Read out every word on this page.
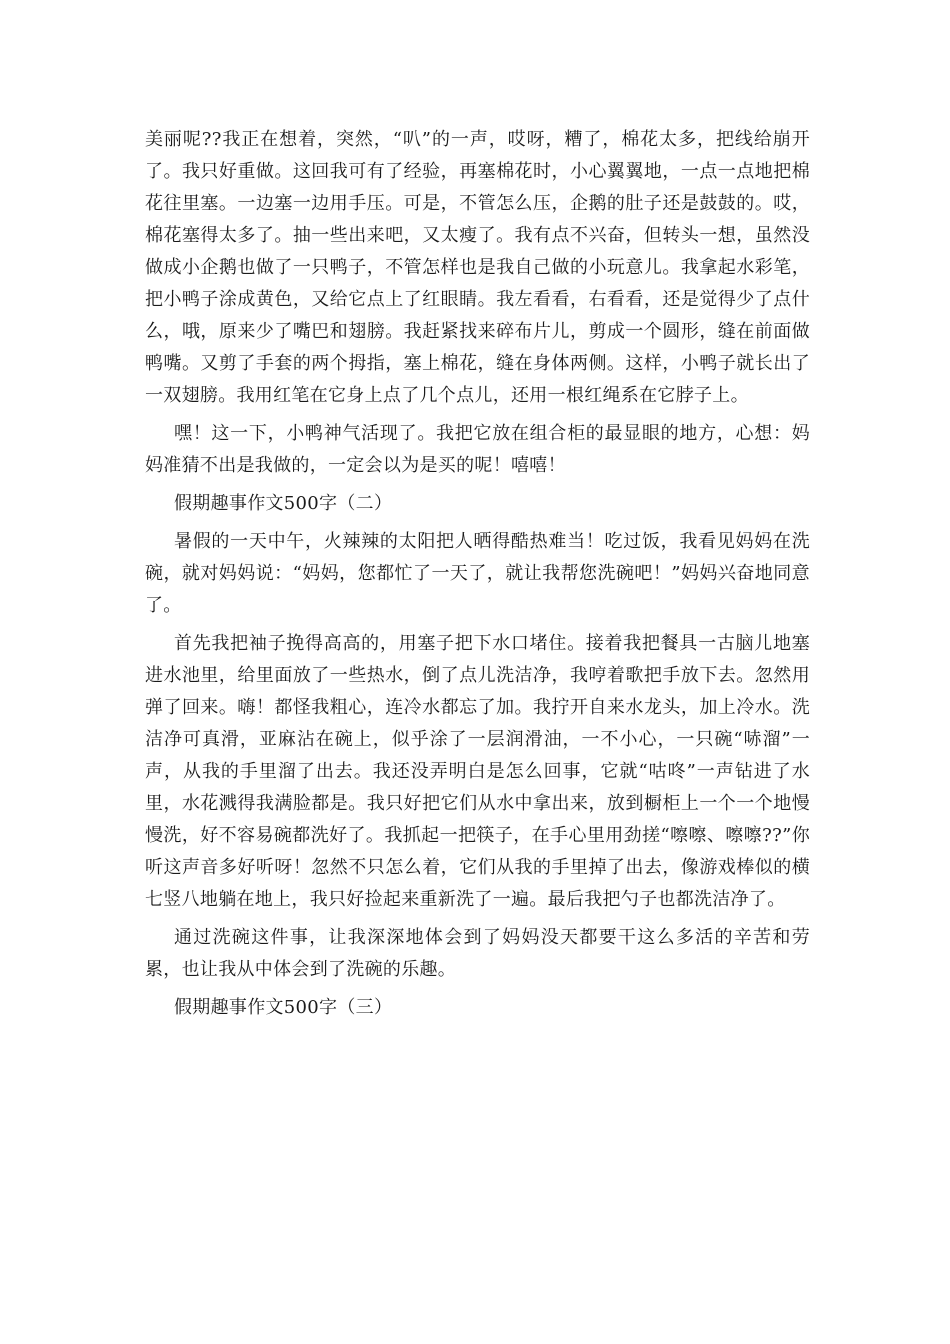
美丽呢??我正在想着，突然，“叭”的一声，哎呀，糟了，棉花太多，把线给崩开了。我只好重做。这回我可有了经验，再塞棉花时，小心翼翼地，一点一点地把棉花往里塞。一边塞一边用手压。可是，不管怎么压，企鹅的肚子还是鼓鼓的。哎，棉花塞得太多了。抽一些出来吧，又太瘦了。我有点不兴奋，但转头一想，虽然没做成小企鹅也做了一只鸭子，不管怎样也是我自己做的小玩意儿。我拿起水彩笔，把小鸭子涂成黄色，又给它点上了红眼睛。我左看看，右看看，还是觉得少了点什么，哦，原来少了嘴巴和翅膀。我赶紧找来碎布片儿，剪成一个圆形，缝在前面做鸭嘴。又剪了手套的两个拇指，塞上棉花，缝在身体两侧。这样，小鸭子就长出了一双翅膀。我用红笔在它身上点了几个点儿，还用一根红绳系在它脖子上。

嘿！这一下，小鸭神气活现了。我把它放在组合柜的最显眼的地方，心想：妈妈准猜不出是我做的，一定会以为是买的呢！嘻嘻！

假期趣事作文500字（二）

暑假的一天中午，火辣辣的太阳把人晒得酷热难当！吃过饭，我看见妈妈在洗碗，就对妈妈说：“妈妈，您都忙了一天了，就让我帮您洗碗吧！”妈妈兴奋地同意了。

首先我把袖子挽得高高的，用塞子把下水口堵住。接着我把餐具一古脑儿地塞进水池里，给里面放了一些热水，倒了点儿洗洁净，我哼着歌把手放下去。忽然用弹了回来。嗨！都怪我粗心，连冷水都忘了加。我拧开自来水龙头，加上冷水。洗洁净可真滑，亚麻沾在碗上，似乎涂了一层润滑油，一不小心，一只碗“哧溜”一声，从我的手里溜了出去。我还没弄明白是怎么回事，它就“咕咚”一声钻进了水里，水花溅得我满脸都是。我只好把它们从水中拿出来，放到橱柜上一个一个地慢慢洗，好不容易碗都洗好了。我抓起一把筷子，在手心里用劲搓“嚓嚓、嚓嚓??”你听这声音多好听呀！忽然不只怎么着，它们从我的手里掉了出去，像游戏棒似的横七竖八地躺在地上，我只好捡起来重新洗了一遍。最后我把勺子也都洗洁净了。

通过洗碗这件事，让我深深地体会到了妈妈没天都要干这么多活的辛苦和劳累，也让我从中体会到了洗碗的乐趣。

假期趣事作文500字（三）
